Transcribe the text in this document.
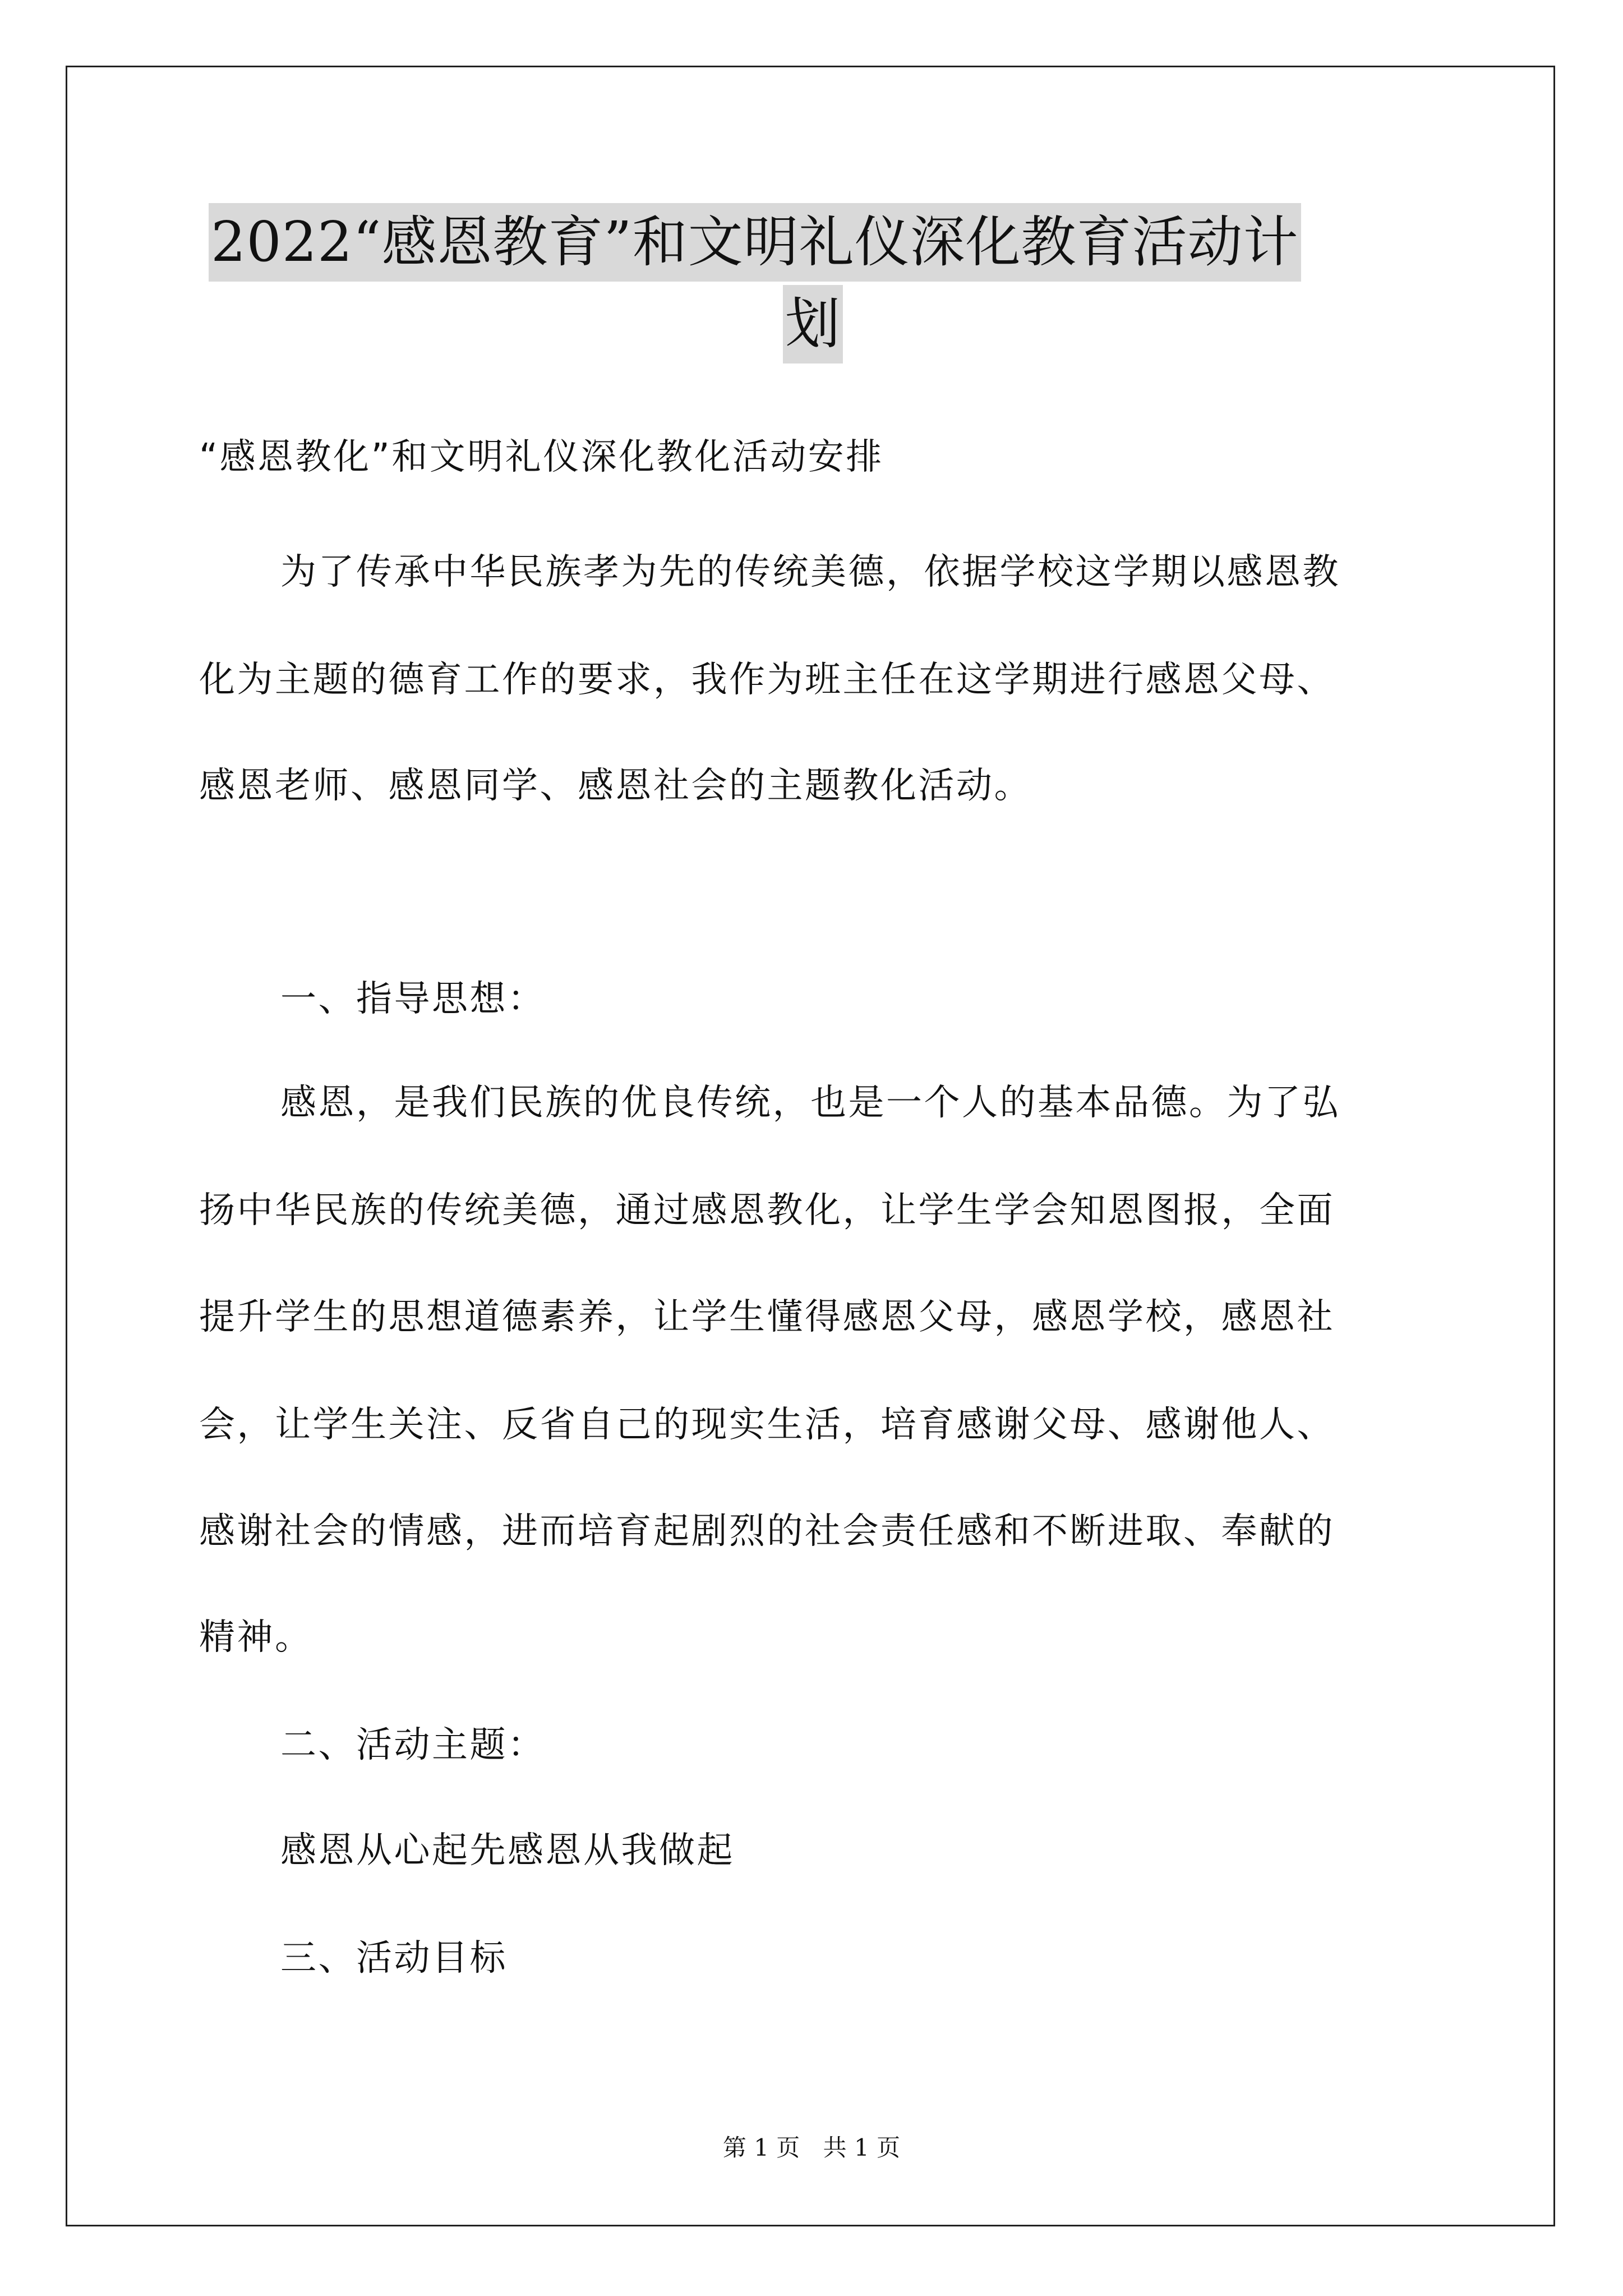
2022“感恩教育”和文明礼仪深化教育活动计
划
“感恩教化”和文明礼仪深化教化活动安排
为了传承中华民族孝为先的传统美德，依据学校这学期以感恩教
化为主题的德育工作的要求，我作为班主任在这学期进行感恩父母、
感恩老师、感恩同学、感恩社会的主题教化活动。
一、指导思想：
感恩，是我们民族的优良传统，也是一个人的基本品德。为了弘
扬中华民族的传统美德，通过感恩教化，让学生学会知恩图报，全面
提升学生的思想道德素养，让学生懂得感恩父母，感恩学校，感恩社
会，让学生关注、反省自己的现实生活，培育感谢父母、感谢他人、
感谢社会的情感，进而培育起剧烈的社会责任感和不断进取、奉献的
精神。
二、活动主题：
感恩从心起先感恩从我做起
三、活动目标
第 1 页 共 1 页
